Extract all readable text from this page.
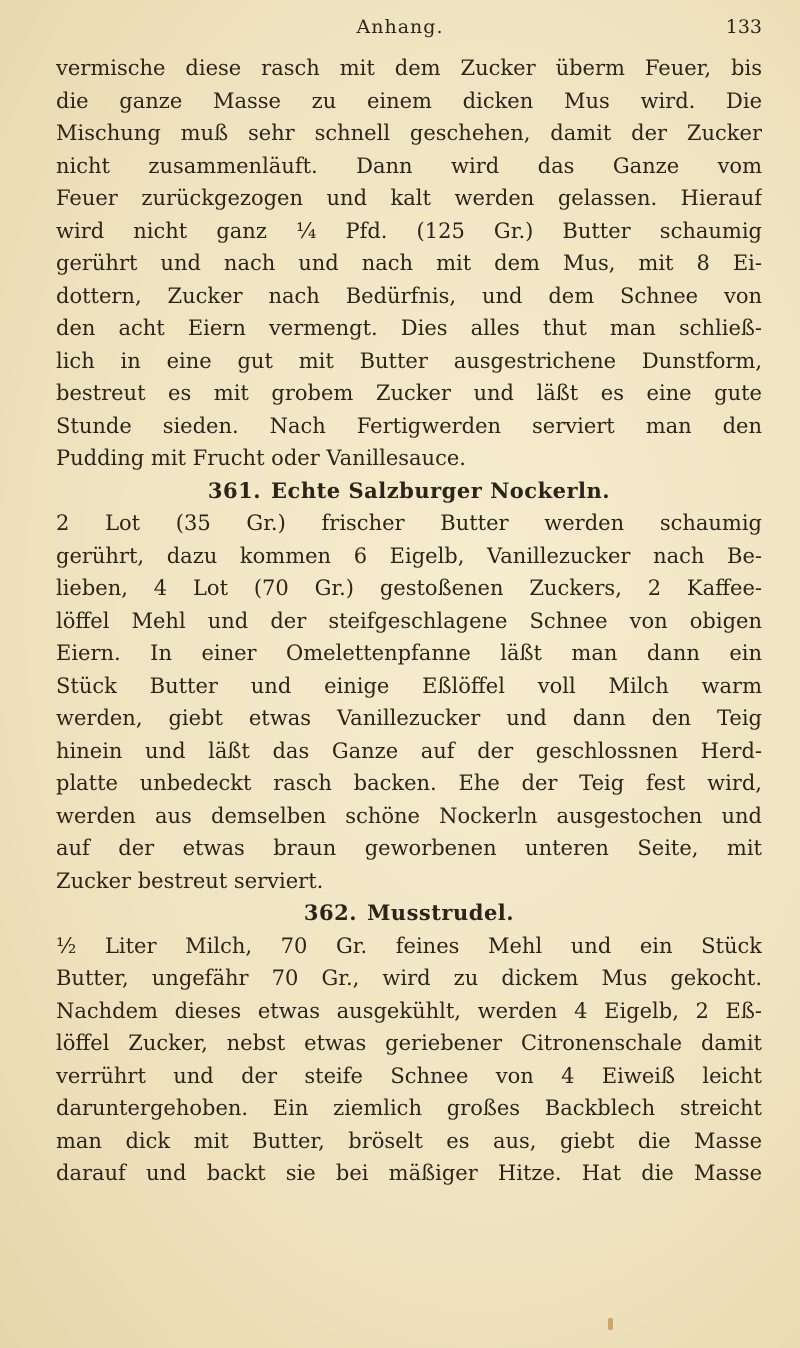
Anhang.	133
vermische diese rasch mit dem Zucker überm Feuer, bis
die ganze Masse zu einem dicken Mus wird. Die
Mischung muß sehr schnell geschehen, damit der Zucker
nicht zusammenläuft. Dann wird das Ganze vom
Feuer zurückgezogen und kalt werden gelassen. Hierauf
wird nicht ganz ¼ Pfd. (125 Gr.) Butter schaumig
gerührt und nach und nach mit dem Mus, mit 8 Ei-
dottern, Zucker nach Bedürfnis, und dem Schnee von
den acht Eiern vermengt. Dies alles thut man schließ-
lich in eine gut mit Butter ausgestrichene Dunstform,
bestreut es mit grobem Zucker und läßt es eine gute
Stunde sieden. Nach Fertigwerden serviert man den
Pudding mit Frucht oder Vanillesauce.
361. Echte Salzburger Nockerln.
2 Lot (35 Gr.) frischer Butter werden schaumig
gerührt, dazu kommen 6 Eigelb, Vanillezucker nach Be-
lieben, 4 Lot (70 Gr.) gestoßenen Zuckers, 2 Kaffee-
löffel Mehl und der steifgeschlagene Schnee von obigen
Eiern. In einer Omelettenpfanne läßt man dann ein
Stück Butter und einige Eßlöffel voll Milch warm
werden, giebt etwas Vanillezucker und dann den Teig
hinein und läßt das Ganze auf der geschlossnen Herd-
platte unbedeckt rasch backen. Ehe der Teig fest wird,
werden aus demselben schöne Nockerln ausgestochen und
auf der etwas braun geworbenen unteren Seite, mit
Zucker bestreut serviert.
362. Musstrudel.
½ Liter Milch, 70 Gr. feines Mehl und ein Stück
Butter, ungefähr 70 Gr., wird zu dickem Mus gekocht.
Nachdem dieses etwas ausgekühlt, werden 4 Eigelb, 2 Eß-
löffel Zucker, nebst etwas geriebener Citronenschale damit
verrührt und der steife Schnee von 4 Eiweiß leicht
daruntergehoben. Ein ziemlich großes Backblech streicht
man dick mit Butter, bröselt es aus, giebt die Masse
darauf und backt sie bei mäßiger Hitze. Hat die Masse
